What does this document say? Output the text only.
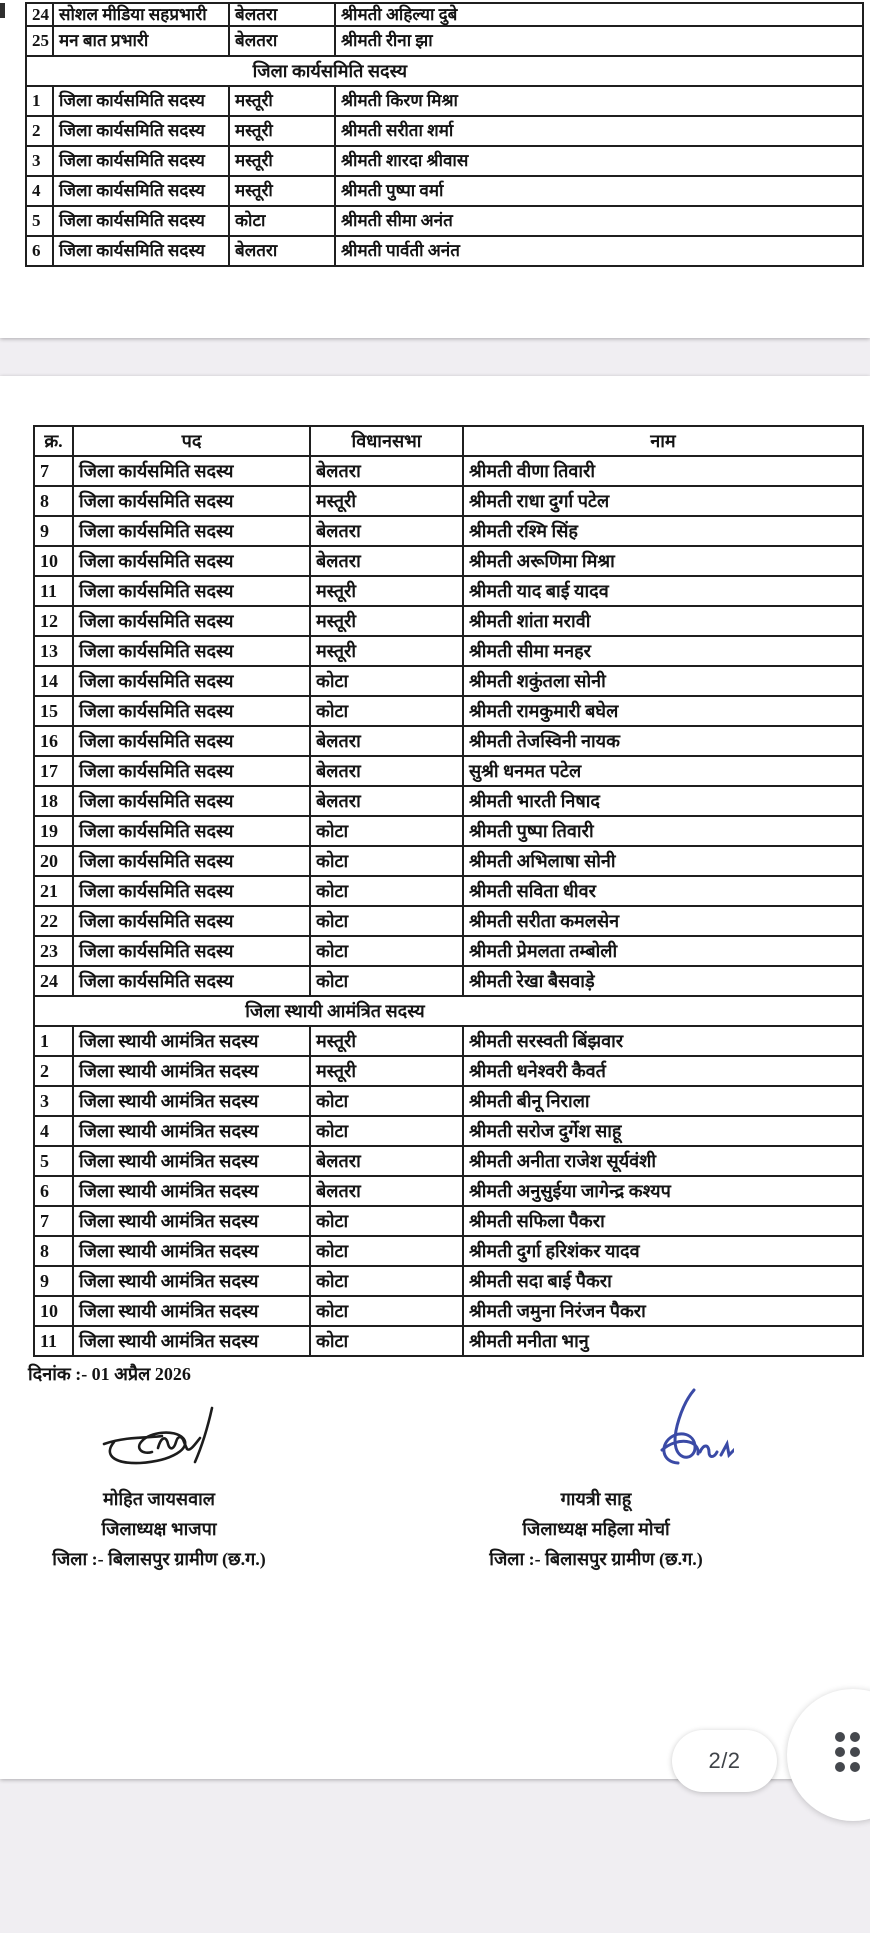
24	सोशल मीडिया सहप्रभारी	बेलतरा	श्रीमती अहिल्या दुबे
25	मन बात प्रभारी	बेलतरा	श्रीमती रीना झा
जिला कार्यसमिति सदस्य			
1	जिला कार्यसमिति सदस्य	मस्तूरी	श्रीमती किरण मिश्रा
2	जिला कार्यसमिति सदस्य	मस्तूरी	श्रीमती सरीता शर्मा
3	जिला कार्यसमिति सदस्य	मस्तूरी	श्रीमती शारदा श्रीवास
4	जिला कार्यसमिति सदस्य	मस्तूरी	श्रीमती पुष्पा वर्मा
5	जिला कार्यसमिति सदस्य	कोटा	श्रीमती सीमा अनंत
6	जिला कार्यसमिति सदस्य	बेलतरा	श्रीमती पार्वती अनंत
क्र.	पद	विधानसभा	नाम
7	जिला कार्यसमिति सदस्य	बेलतरा	श्रीमती वीणा तिवारी
8	जिला कार्यसमिति सदस्य	मस्तूरी	श्रीमती राधा दुर्गा पटेल
9	जिला कार्यसमिति सदस्य	बेलतरा	श्रीमती रश्मि सिंह
10	जिला कार्यसमिति सदस्य	बेलतरा	श्रीमती अरूणिमा मिश्रा
11	जिला कार्यसमिति सदस्य	मस्तूरी	श्रीमती याद बाई यादव
12	जिला कार्यसमिति सदस्य	मस्तूरी	श्रीमती शांता मरावी
13	जिला कार्यसमिति सदस्य	मस्तूरी	श्रीमती सीमा मनहर
14	जिला कार्यसमिति सदस्य	कोटा	श्रीमती शकुंतला सोनी
15	जिला कार्यसमिति सदस्य	कोटा	श्रीमती रामकुमारी बघेल
16	जिला कार्यसमिति सदस्य	बेलतरा	श्रीमती तेजस्विनी नायक
17	जिला कार्यसमिति सदस्य	बेलतरा	सुश्री धनमत पटेल
18	जिला कार्यसमिति सदस्य	बेलतरा	श्रीमती भारती निषाद
19	जिला कार्यसमिति सदस्य	कोटा	श्रीमती पुष्पा तिवारी
20	जिला कार्यसमिति सदस्य	कोटा	श्रीमती अभिलाषा सोनी
21	जिला कार्यसमिति सदस्य	कोटा	श्रीमती सविता धीवर
22	जिला कार्यसमिति सदस्य	कोटा	श्रीमती सरीता कमलसेन
23	जिला कार्यसमिति सदस्य	कोटा	श्रीमती प्रेमलता तम्बोली
24	जिला कार्यसमिति सदस्य	कोटा	श्रीमती रेखा बैसवाड़े
जिला स्थायी आमंत्रित सदस्य			
1	जिला स्थायी आमंत्रित सदस्य	मस्तूरी	श्रीमती सरस्वती बिंझवार
2	जिला स्थायी आमंत्रित सदस्य	मस्तूरी	श्रीमती धनेश्वरी कैवर्त
3	जिला स्थायी आमंत्रित सदस्य	कोटा	श्रीमती बीनू निराला
4	जिला स्थायी आमंत्रित सदस्य	कोटा	श्रीमती सरोज दुर्गेश साहू
5	जिला स्थायी आमंत्रित सदस्य	बेलतरा	श्रीमती अनीता राजेश सूर्यवंशी
6	जिला स्थायी आमंत्रित सदस्य	बेलतरा	श्रीमती अनुसुईया जागेन्द्र कश्यप
7	जिला स्थायी आमंत्रित सदस्य	कोटा	श्रीमती सफिला पैकरा
8	जिला स्थायी आमंत्रित सदस्य	कोटा	श्रीमती दुर्गा हरिशंकर यादव
9	जिला स्थायी आमंत्रित सदस्य	कोटा	श्रीमती सदा बाई पैकरा
10	जिला स्थायी आमंत्रित सदस्य	कोटा	श्रीमती जमुना निरंजन पैकरा
11	जिला स्थायी आमंत्रित सदस्य	कोटा	श्रीमती मनीता भानु
दिनांक :- 01 अप्रैल 2026
मोहित जायसवाल
जिलाध्यक्ष भाजपा
जिला :- बिलासपुर ग्रामीण (छ.ग.)
गायत्री साहू
जिलाध्यक्ष महिला मोर्चा
जिला :- बिलासपुर ग्रामीण (छ.ग.)
2/2
